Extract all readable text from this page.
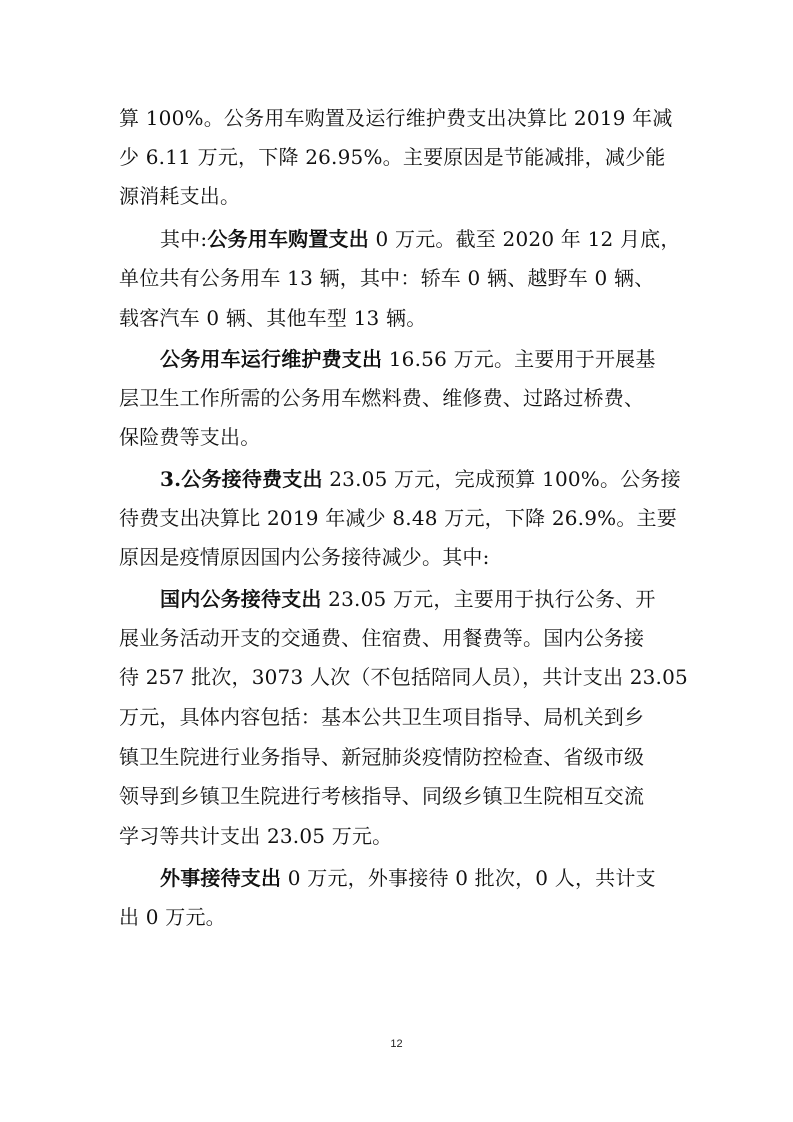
算 100%。公务用车购置及运行维护费支出决算比 2019 年减
少 6.11 万元，下降 26.95%。主要原因是节能减排，减少能
源消耗支出。
其中:公务用车购置支出 0 万元。截至 2020 年 12 月底，
单位共有公务用车 13 辆，其中：轿车 0 辆、越野车 0 辆、
载客汽车 0 辆、其他车型 13 辆。
公务用车运行维护费支出 16.56 万元。主要用于开展基
层卫生工作所需的公务用车燃料费、维修费、过路过桥费、
保险费等支出。
3.公务接待费支出 23.05 万元，完成预算 100%。公务接
待费支出决算比 2019 年减少 8.48 万元，下降 26.9%。主要
原因是疫情原因国内公务接待减少。其中:
国内公务接待支出 23.05 万元，主要用于执行公务、开
展业务活动开支的交通费、住宿费、用餐费等。国内公务接
待 257 批次，3073 人次（不包括陪同人员），共计支出 23.05
万元，具体内容包括：基本公共卫生项目指导、局机关到乡
镇卫生院进行业务指导、新冠肺炎疫情防控检查、省级市级
领导到乡镇卫生院进行考核指导、同级乡镇卫生院相互交流
学习等共计支出 23.05 万元。
外事接待支出 0 万元，外事接待 0 批次，0 人，共计支
出 0 万元。
12
